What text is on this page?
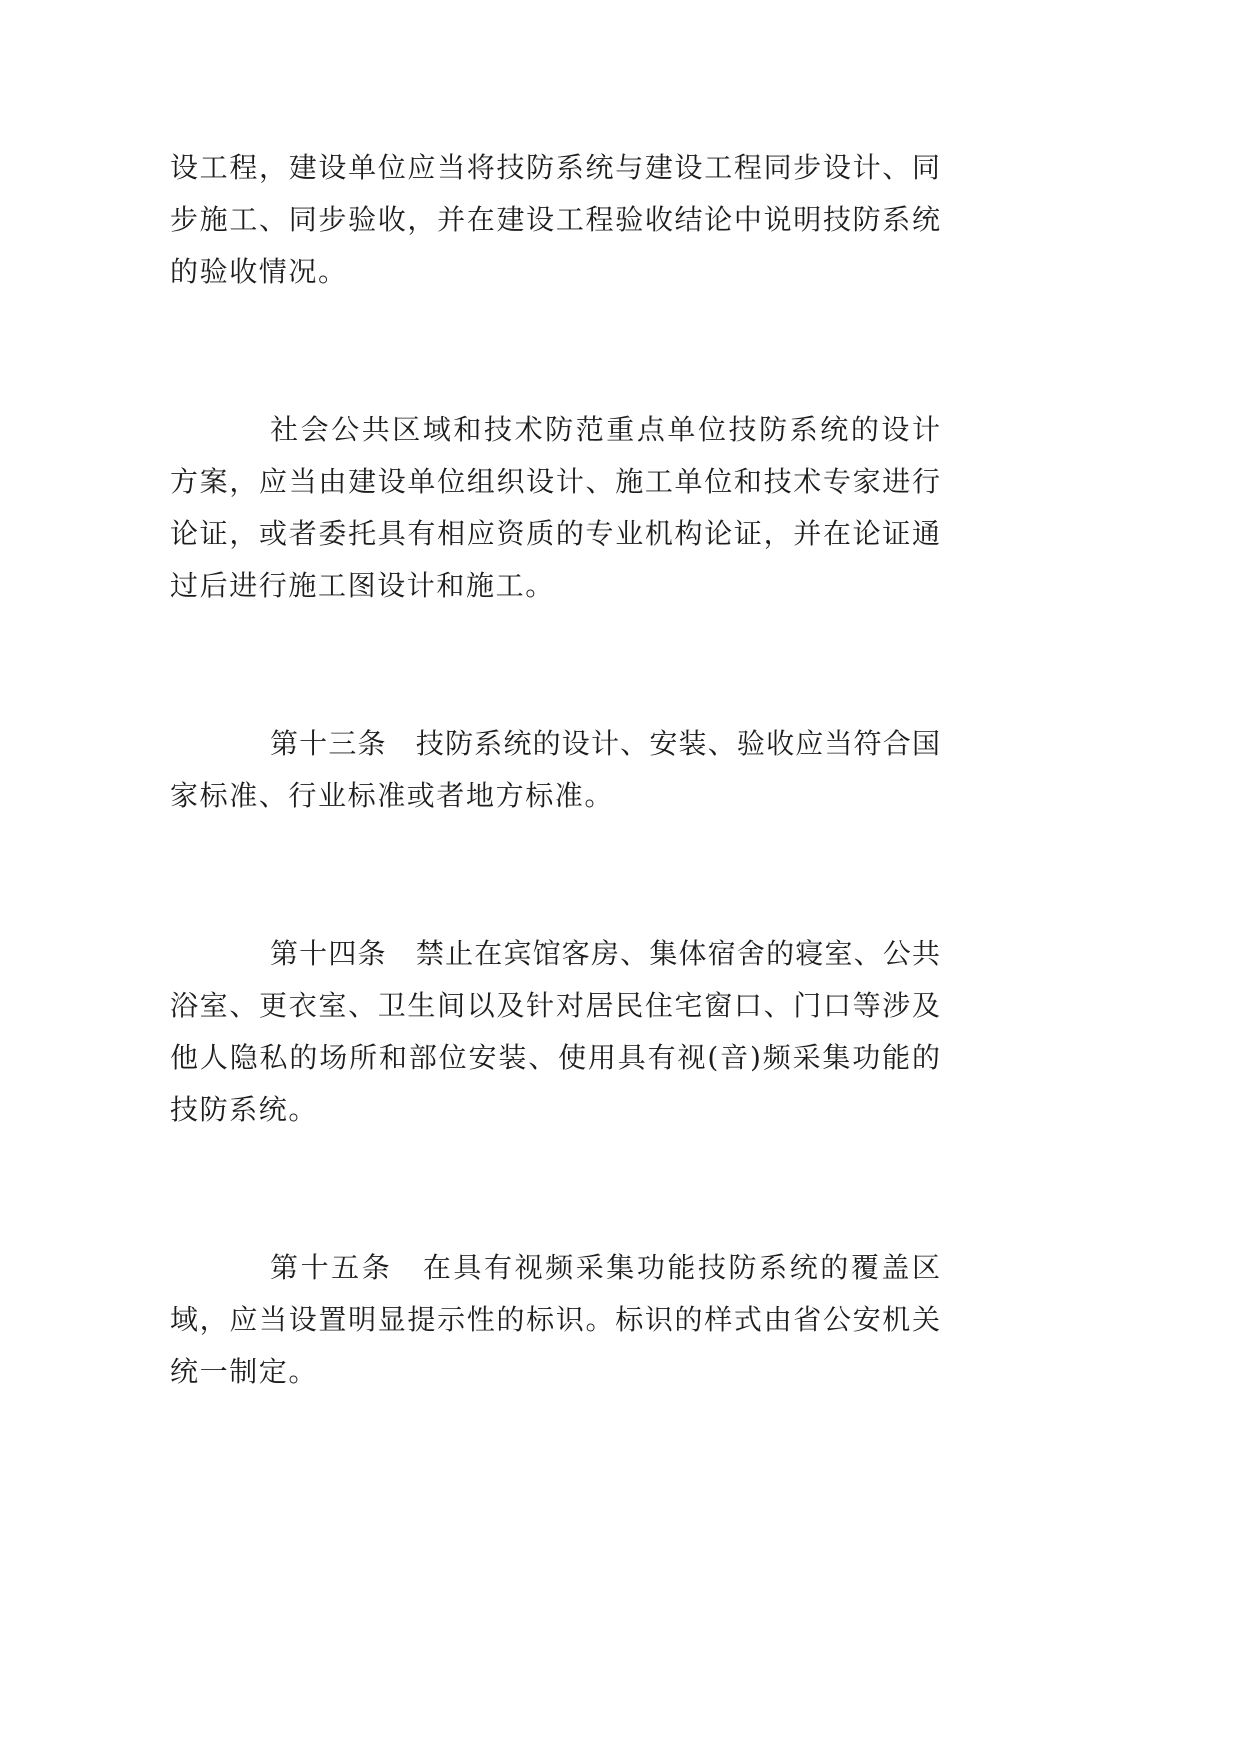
设工程，建设单位应当将技防系统与建设工程同步设计、同
步施工、同步验收，并在建设工程验收结论中说明技防系统
的验收情况。
社会公共区域和技术防范重点单位技防系统的设计
方案，应当由建设单位组织设计、施工单位和技术专家进行
论证，或者委托具有相应资质的专业机构论证，并在论证通
过后进行施工图设计和施工。
第十三条　技防系统的设计、安装、验收应当符合国
家标准、行业标准或者地方标准。
第十四条　禁止在宾馆客房、集体宿舍的寝室、公共
浴室、更衣室、卫生间以及针对居民住宅窗口、门口等涉及
他人隐私的场所和部位安装、使用具有视(音)频采集功能的
技防系统。
第十五条　在具有视频采集功能技防系统的覆盖区
域，应当设置明显提示性的标识。标识的样式由省公安机关
统一制定。
